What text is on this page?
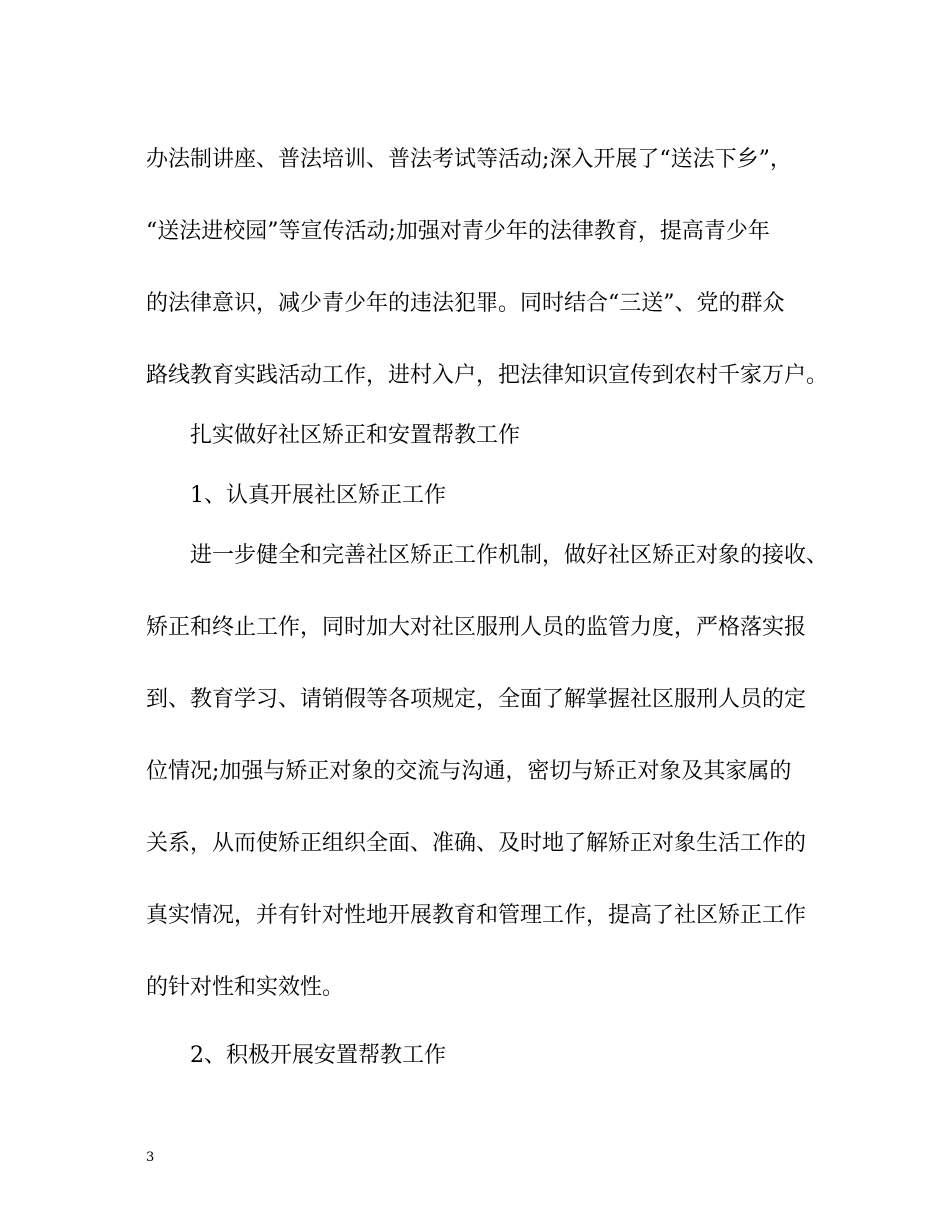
办法制讲座、普法培训、普法考试等活动;深入开展了“送法下乡”，
“送法进校园”等宣传活动;加强对青少年的法律教育，提高青少年
的法律意识，减少青少年的违法犯罪。同时结合“三送”、党的群众
路线教育实践活动工作，进村入户，把法律知识宣传到农村千家万户。
扎实做好社区矫正和安置帮教工作
1、认真开展社区矫正工作
进一步健全和完善社区矫正工作机制，做好社区矫正对象的接收、
矫正和终止工作，同时加大对社区服刑人员的监管力度，严格落实报
到、教育学习、请销假等各项规定，全面了解掌握社区服刑人员的定
位情况;加强与矫正对象的交流与沟通，密切与矫正对象及其家属的
关系，从而使矫正组织全面、准确、及时地了解矫正对象生活工作的
真实情况，并有针对性地开展教育和管理工作，提高了社区矫正工作
的针对性和实效性。
2、积极开展安置帮教工作
3
